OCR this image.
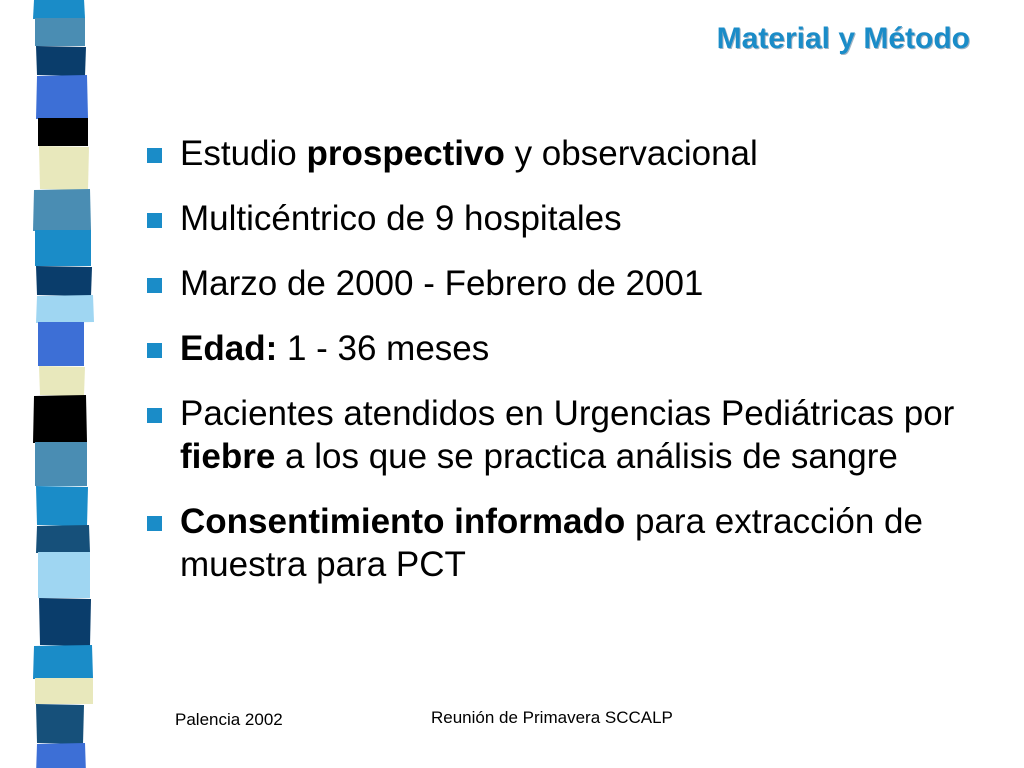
Material y Método
Estudio prospectivo y observacional
Multicéntrico de 9 hospitales
Marzo de 2000 - Febrero de 2001
Edad: 1 - 36 meses
Pacientes atendidos en Urgencias Pediátricas por fiebre a los que se practica análisis de sangre
Consentimiento informado para extracción de muestra para PCT
Palencia 2002	Reunión de Primavera SCCALP
